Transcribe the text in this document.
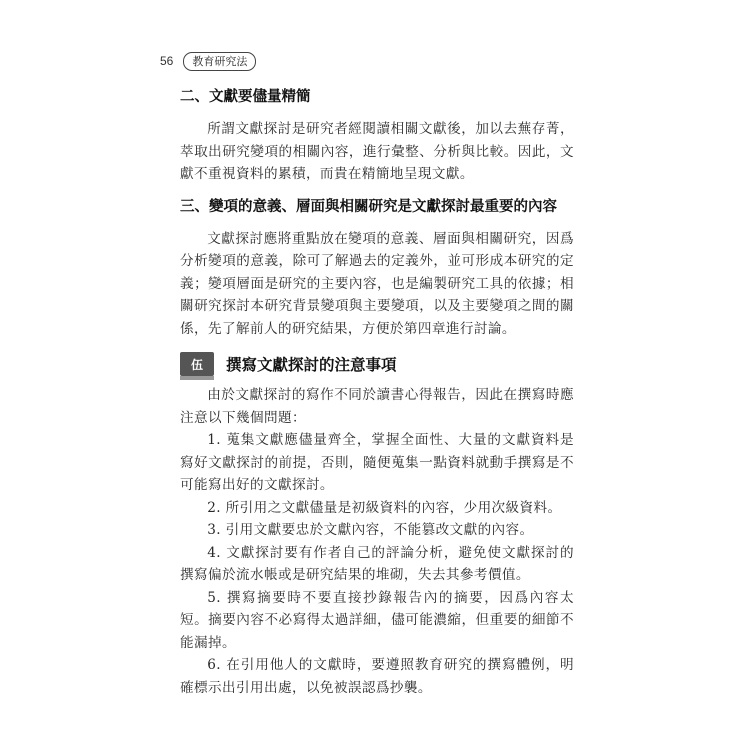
56	教育研究法
二、文獻要儘量精簡

所謂文獻探討是研究者經閱讀相關文獻後，加以去蕪存菁，萃取出研究變項的相關內容，進行彙整、分析與比較。因此，文獻不重視資料的累積，而貴在精簡地呈現文獻。

三、變項的意義、層面與相關研究是文獻探討最重要的內容

文獻探討應將重點放在變項的意義、層面與相關研究，因爲分析變項的意義，除可了解過去的定義外，並可形成本研究的定義；變項層面是研究的主要內容，也是編製研究工具的依據；相關研究探討本研究背景變項與主要變項，以及主要變項之間的關係，先了解前人的研究結果，方便於第四章進行討論。

伍	撰寫文獻探討的注意事項

由於文獻探討的寫作不同於讀書心得報告，因此在撰寫時應注意以下幾個問題：

1. 蒐集文獻應儘量齊全，掌握全面性、大量的文獻資料是寫好文獻探討的前提，否則，隨便蒐集一點資料就動手撰寫是不可能寫出好的文獻探討。

2. 所引用之文獻儘量是初級資料的內容，少用次級資料。

3. 引用文獻要忠於文獻內容，不能篡改文獻的內容。

4. 文獻探討要有作者自己的評論分析，避免使文獻探討的撰寫偏於流水帳或是研究結果的堆砌，失去其參考價值。

5. 撰寫摘要時不要直接抄錄報告內的摘要，因爲內容太短。摘要內容不必寫得太過詳細，儘可能濃縮，但重要的細節不能漏掉。

6. 在引用他人的文獻時，要遵照教育研究的撰寫體例，明確標示出引用出處，以免被誤認爲抄襲。
